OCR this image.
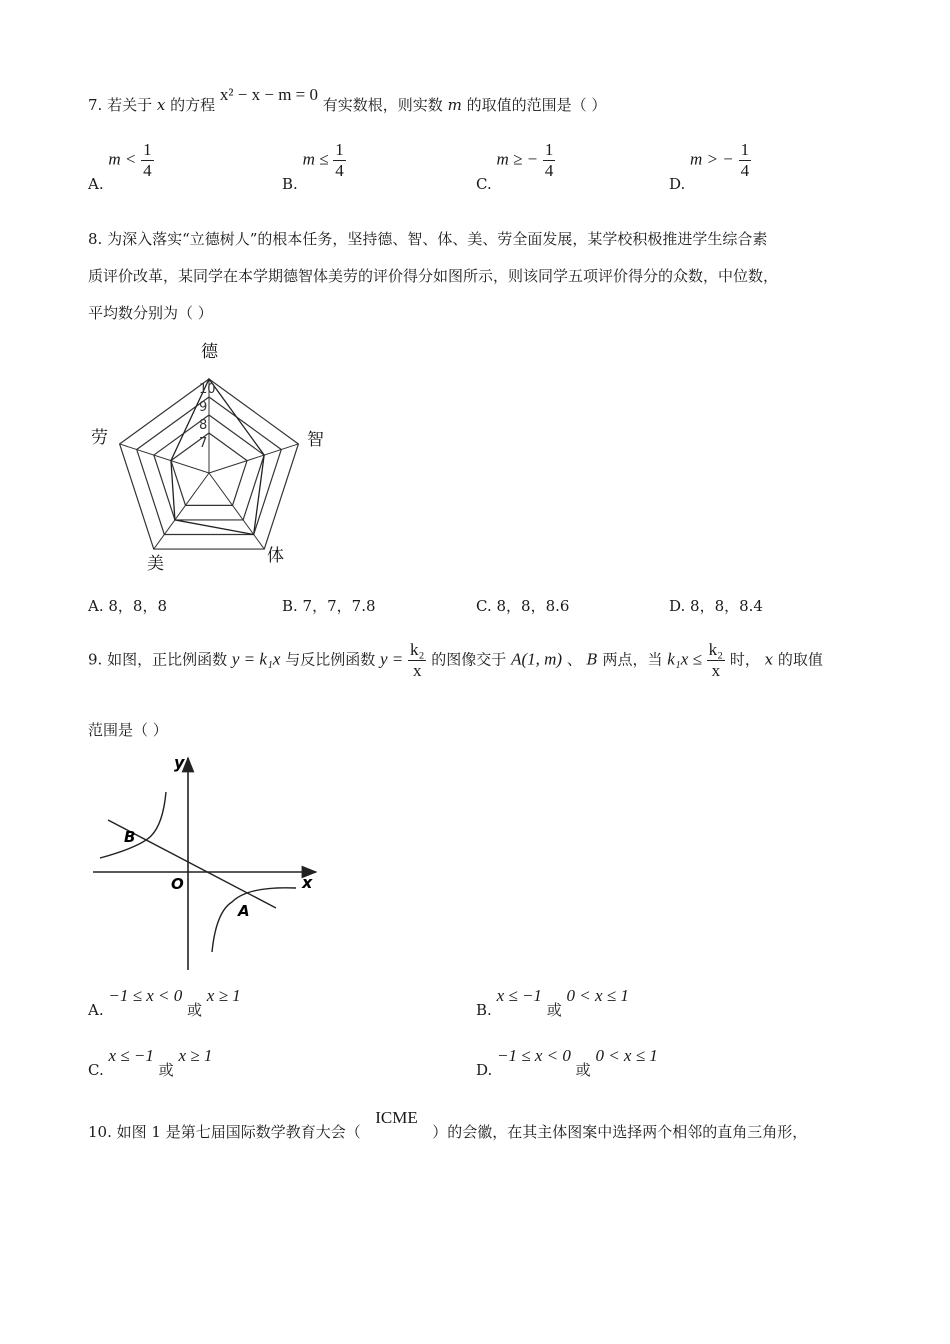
7. 若关于 x 的方程 x² − x − m = 0 有实数根，则实数 m 的取值的范围是（ ）
A. $m < \frac{1}{4}$
B. $m \le \frac{1}{4}$
C. m ≥ − $\frac{1}{4}$
D. m > − $\frac{1}{4}$
8. 为深入落实“立德树人”的根本任务，坚持德、智、体、美、劳全面发展，某学校积极推进学生综合素
质评价改革，某同学在本学期德智体美劳的评价得分如图所示，则该同学五项评价得分的众数，中位数，
平均数分别为（ ）
10
9
8
7
德
智
体
美
劳
A. 8，8，8	B. 7，7，7.8	C. 8，8，8.6	D. 8，8，8.4
9. 如图，正比例函数 y = k₁x 与反比例函数 $y = \frac{\text{k₂}}{x}$ 的图像交于 A(1, m) 、 B 两点，当 $k_1x \le \frac{\text{k₂}}{x}$ 时， x 的取值
范围是（ ）
y
x
O
B
A
A. −1 ≤ x < 0 或 x ≥ 1
B. x ≤ −1 或 0 < x ≤ 1
C. x ≤ −1 或 x ≥ 1
D. −1 ≤ x < 0 或 0 < x ≤ 1
10. 如图 1 是第七届国际数学教育大会（ ICME ）的会徽，在其主体图案中选择两个相邻的直角三角形，
